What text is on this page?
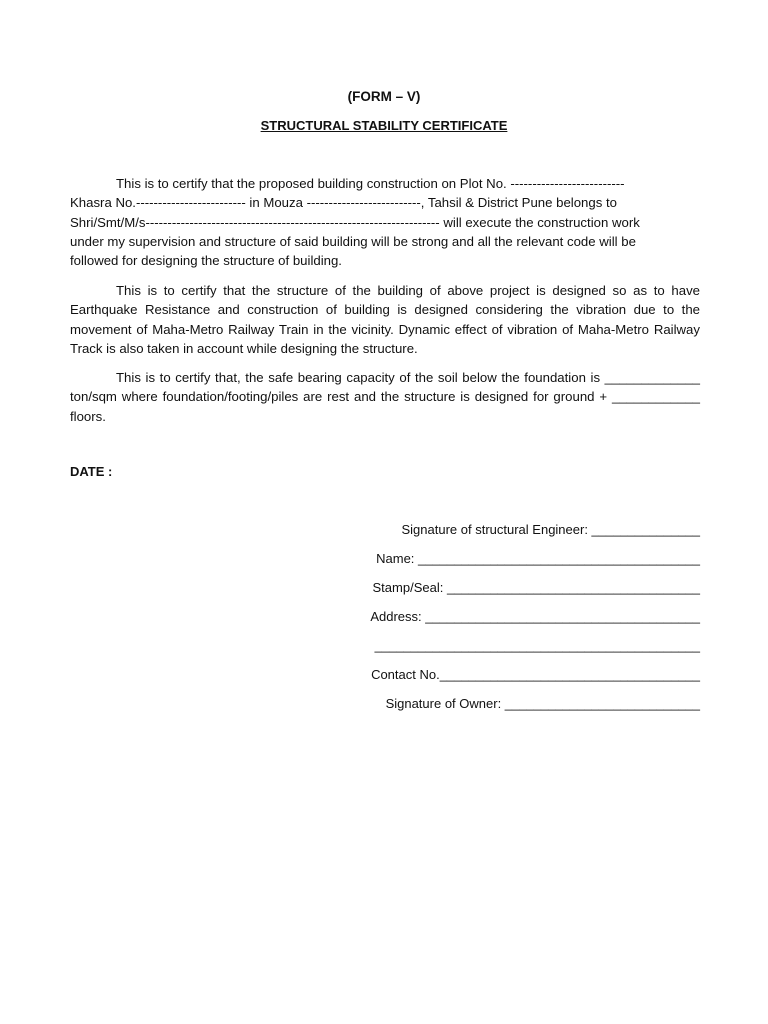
(FORM – V)
STRUCTURAL STABILITY CERTIFICATE
This is to certify that the proposed building construction on Plot No. --------------------------
Khasra No.------------------------- in Mouza --------------------------, Tahsil & District Pune belongs to
Shri/Smt/M/s------------------------------------------------------------------- will execute the construction work
under my supervision and structure of said building will be strong and all the relevant code will be
followed for designing the structure of building.

This is to certify that the structure of the building of above project is designed so as to have Earthquake Resistance and construction of building is designed considering the vibration due to the movement of Maha-Metro Railway Train in the vicinity. Dynamic effect of vibration of Maha-Metro Railway Track is also taken in account while designing the structure.

This is to certify that, the safe bearing capacity of the soil below the foundation is _____________ ton/sqm where foundation/footing/piles are rest and the structure is designed for ground + ____________ floors.

DATE :
Signature of structural Engineer: _______________
Name: _______________________________________
Stamp/Seal: ___________________________________
Address: ______________________________________
_____________________________________________
Contact No.____________________________________
Signature of Owner: ___________________________
